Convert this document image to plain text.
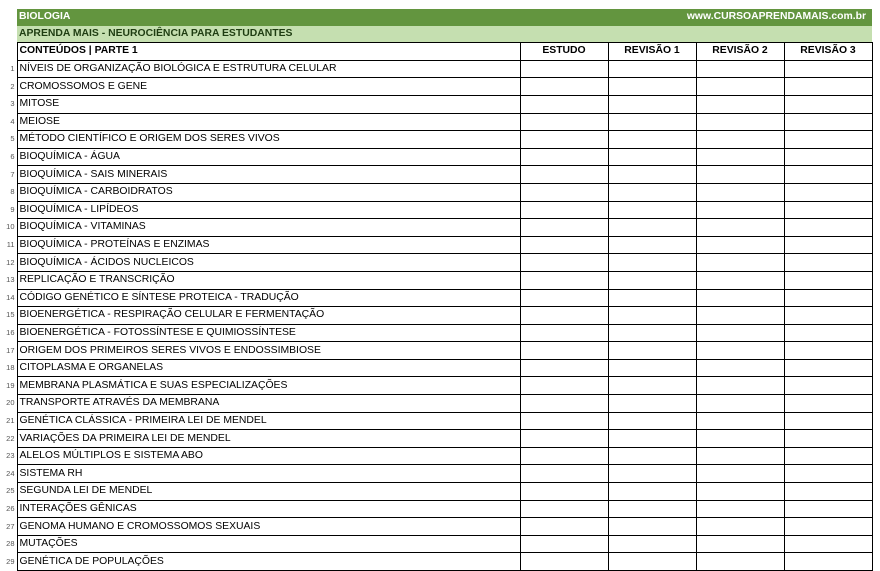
	BIOLOGIA	www.CURSOAPRENDAMAIS.com.br			
	APRENDA MAIS - NEUROCIÊNCIA PARA ESTUDANTES				
	CONTEÚDOS | PARTE 1	ESTUDO	REVISÃO 1	REVISÃO 2	REVISÃO 3
1	NÍVEIS DE ORGANIZAÇÃO BIOLÓGICA E ESTRUTURA CELULAR				
2	CROMOSSOMOS E GENE				
3	MITOSE				
4	MEIOSE				
5	MÉTODO CIENTÍFICO E ORIGEM DOS SERES VIVOS				
6	BIOQUÍMICA - ÁGUA				
7	BIOQUÍMICA - SAIS MINERAIS				
8	BIOQUÍMICA - CARBOIDRATOS				
9	BIOQUÍMICA - LIPÍDEOS				
10	BIOQUÍMICA - VITAMINAS				
11	BIOQUÍMICA - PROTEÍNAS E ENZIMAS				
12	BIOQUÍMICA - ÁCIDOS NUCLEICOS				
13	REPLICAÇÃO E TRANSCRIÇÃO				
14	CÓDIGO GENÉTICO E SÍNTESE PROTEICA - TRADUÇÃO				
15	BIOENERGÉTICA - RESPIRAÇÃO CELULAR E FERMENTAÇÃO				
16	BIOENERGÉTICA - FOTOSSÍNTESE E QUIMIOSSÍNTESE				
17	ORIGEM DOS PRIMEIROS SERES VIVOS E ENDOSSIMBIOSE				
18	CITOPLASMA E ORGANELAS				
19	MEMBRANA PLASMÁTICA E SUAS ESPECIALIZAÇÕES				
20	TRANSPORTE ATRAVÉS DA MEMBRANA				
21	GENÉTICA CLÁSSICA - PRIMEIRA LEI DE MENDEL				
22	VARIAÇÕES DA PRIMEIRA LEI DE MENDEL				
23	ALELOS MÚLTIPLOS E SISTEMA ABO				
24	SISTEMA RH				
25	SEGUNDA LEI DE MENDEL				
26	INTERAÇÕES GÊNICAS				
27	GENOMA HUMANO E CROMOSSOMOS SEXUAIS				
28	MUTAÇÕES				
29	GENÉTICA DE POPULAÇÕES				
